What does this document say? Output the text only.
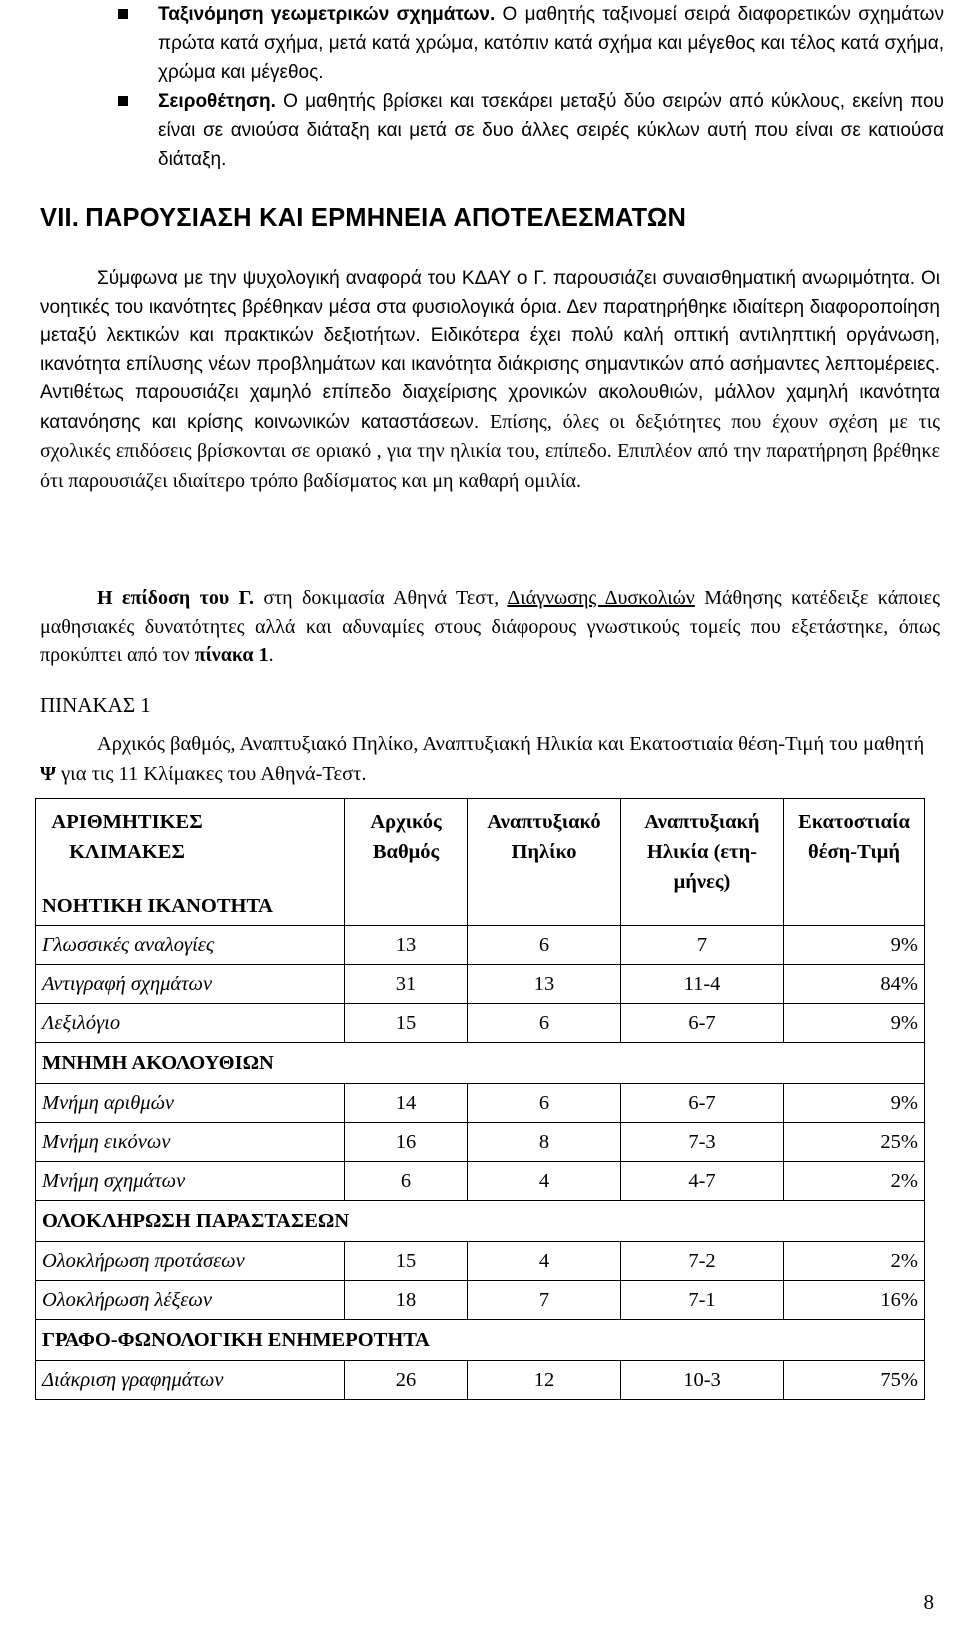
Ταξινόμηση γεωμετρικών σχημάτων. Ο μαθητής ταξινομεί σειρά διαφορετικών σχημάτων πρώτα κατά σχήμα, μετά κατά χρώμα, κατόπιν κατά σχήμα και μέγεθος και τέλος κατά σχήμα, χρώμα και μέγεθος.
Σειροθέτηση. Ο μαθητής βρίσκει και τσεκάρει μεταξύ δύο σειρών από κύκλους, εκείνη που είναι σε ανιούσα διάταξη και μετά σε δυο άλλες σειρές κύκλων αυτή που είναι σε κατιούσα διάταξη.
VII. ΠΑΡΟΥΣΙΑΣΗ ΚΑΙ ΕΡΜΗΝΕΙΑ ΑΠΟΤΕΛΕΣΜΑΤΩΝ

Σύμφωνα με την ψυχολογική αναφορά του ΚΔΑΥ ο Γ. παρουσιάζει συναισθηματική ανωριμότητα. Οι νοητικές του ικανότητες βρέθηκαν μέσα στα φυσιολογικά όρια. Δεν παρατηρήθηκε ιδιαίτερη διαφοροποίηση μεταξύ λεκτικών και πρακτικών δεξιοτήτων. Ειδικότερα έχει πολύ καλή οπτική αντιληπτική οργάνωση, ικανότητα επίλυσης νέων προβλημάτων και ικανότητα διάκρισης σημαντικών από ασήμαντες λεπτομέρειες. Αντιθέτως παρουσιάζει χαμηλό επίπεδο διαχείρισης χρονικών ακολουθιών, μάλλον χαμηλή ικανότητα κατανόησης και κρίσης κοινωνικών καταστάσεων. Επίσης, όλες οι δεξιότητες που έχουν σχέση με τις σχολικές επιδόσεις βρίσκονται σε οριακό , για την ηλικία του, επίπεδο. Επιπλέον από την παρατήρηση βρέθηκε ότι παρουσιάζει ιδιαίτερο τρόπο βαδίσματος και μη καθαρή ομιλία.

Η επίδοση του Γ. στη δοκιμασία Αθηνά Τεστ, Διάγνωσης Δυσκολιών Μάθησης κατέδειξε κάποιες μαθησιακές δυνατότητες αλλά και αδυναμίες στους διάφορους γνωστικούς τομείς που εξετάστηκε, όπως προκύπτει από τον πίνακα 1.

ΠΙΝΑΚΑΣ 1

Αρχικός βαθμός, Αναπτυξιακό Πηλίκο, Αναπτυξιακή Ηλικία και Εκατοστιαία θέση-Τιμή του μαθητή Ψ για τις 11 Κλίμακες του Αθηνά-Τεστ.

ΑΡΙΘΜΗΤΙΚΕΣ ΚΛΙΜΑΚΕΣ
ΝΟΗΤΙΚΗ ΙΚΑΝΟΤΗΤΑ	Αρχικός Βαθμός	Αναπτυξιακό Πηλίκο	Αναπτυξιακή Ηλικία (ετη-μήνες)	Εκατοστιαία θέση-Τιμή
Γλωσσικές αναλογίες	13	6	7	9%
Αντιγραφή σχημάτων	31	13	11-4	84%
Λεξιλόγιο	15	6	6-7	9%
ΜΝΗΜΗ ΑΚΟΛΟΥΘΙΩΝ				
Μνήμη αριθμών	14	6	6-7	9%
Μνήμη εικόνων	16	8	7-3	25%
Μνήμη σχημάτων	6	4	4-7	2%
ΟΛΟΚΛΗΡΩΣΗ ΠΑΡΑΣΤΑΣΕΩΝ				
Ολοκλήρωση προτάσεων	15	4	7-2	2%
Ολοκλήρωση λέξεων	18	7	7-1	16%
ΓΡΑΦΟ-ΦΩΝΟΛΟΓΙΚΗ ΕΝΗΜΕΡΟΤΗΤΑ				
Διάκριση γραφημάτων	26	12	10-3	75%
8
